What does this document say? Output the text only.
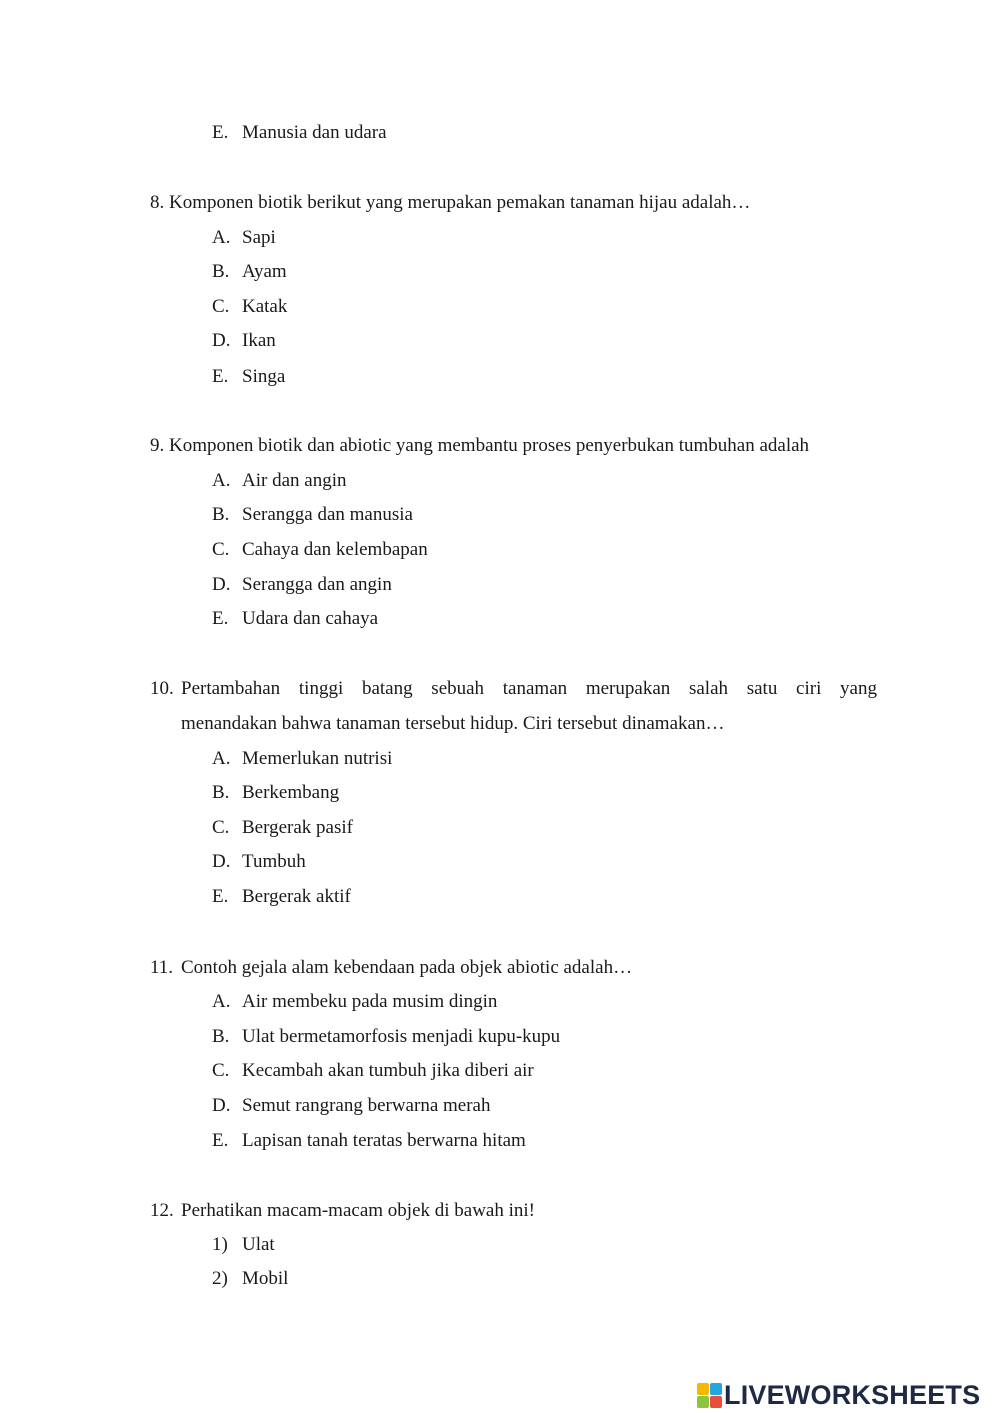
E. Manusia dan udara
8. Komponen biotik berikut yang merupakan pemakan tanaman hijau adalah…
A. Sapi
B. Ayam
C. Katak
D. Ikan
E. Singa
9. Komponen biotik dan abiotic yang membantu proses penyerbukan tumbuhan adalah
A. Air dan angin
B. Serangga dan manusia
C. Cahaya dan kelembapan
D. Serangga dan angin
E. Udara dan cahaya
10. Pertambahan tinggi batang sebuah tanaman merupakan salah satu ciri yang
menandakan bahwa tanaman tersebut hidup. Ciri tersebut dinamakan…
A. Memerlukan nutrisi
B. Berkembang
C. Bergerak pasif
D. Tumbuh
E. Bergerak aktif
11. Contoh gejala alam kebendaan pada objek abiotic adalah…
A. Air membeku pada musim dingin
B. Ulat bermetamorfosis menjadi kupu-kupu
C. Kecambah akan tumbuh jika diberi air
D. Semut rangrang berwarna merah
E. Lapisan tanah teratas berwarna hitam
12. Perhatikan macam-macam objek di bawah ini!
1) Ulat
2) Mobil
LIVEWORKSHEETS
